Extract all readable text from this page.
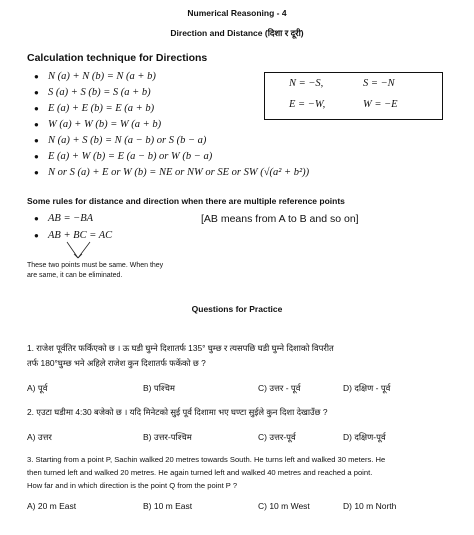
Numerical Reasoning - 4
Direction and Distance (दिशा र दूरी)
Calculation technique for Directions
● N (a) + N (b) = N (a + b)
● S (a) + S (b) = S (a + b)
● E (a) + E (b) = E (a + b)
● W (a) + W (b) = W (a + b)
● N (a) + S (b) = N (a − b) or S (b − a)
● E (a) + W (b) = E (a − b) or W (b − a)
● N or S (a) + E or W (b) = NE or NW or SE or SW (√(a² + b²))
N = −S,	S = −N
E = −W,	W = −E
Some rules for distance and direction when there are multiple reference points
● AB = −BA
● AB + BC = AC
[AB means from A to B and so on]
These two points must be same. When they
are same, it can be eliminated.
Questions for Practice
1. राजेश पूर्वतिर फर्किएको छ । ऊ घडी घुम्ने दिशातर्फ 135° घुम्छ र त्यसपछि घडी घुम्ने दिशाको विपरीत
तर्फ 180°घुम्छ भने अहिले राजेश कुन दिशातर्फ फर्केको छ ?
A) पूर्व	B) पश्चिम	C) उत्तर - पूर्व	D) दक्षिण - पूर्व
2. एउटा घडीमा 4:30 बजेको छ । यदि मिनेटको सुई पूर्व दिशामा भए घण्टा सुईले कुन दिशा देखाउँछ ?
A) उत्तर	B) उत्तर-पश्चिम	C) उत्तर-पूर्व	D) दक्षिण-पूर्व
3. Starting from a point P, Sachin walked 20 metres towards South. He turns left and walked 30 meters. He
then turned left and walked 20 metres. He again turned left and walked 40 metres and reached a point.
How far and in which direction is the point Q from the point P ?
A) 20 m East	B) 10 m East	C) 10 m West	D) 10 m North
